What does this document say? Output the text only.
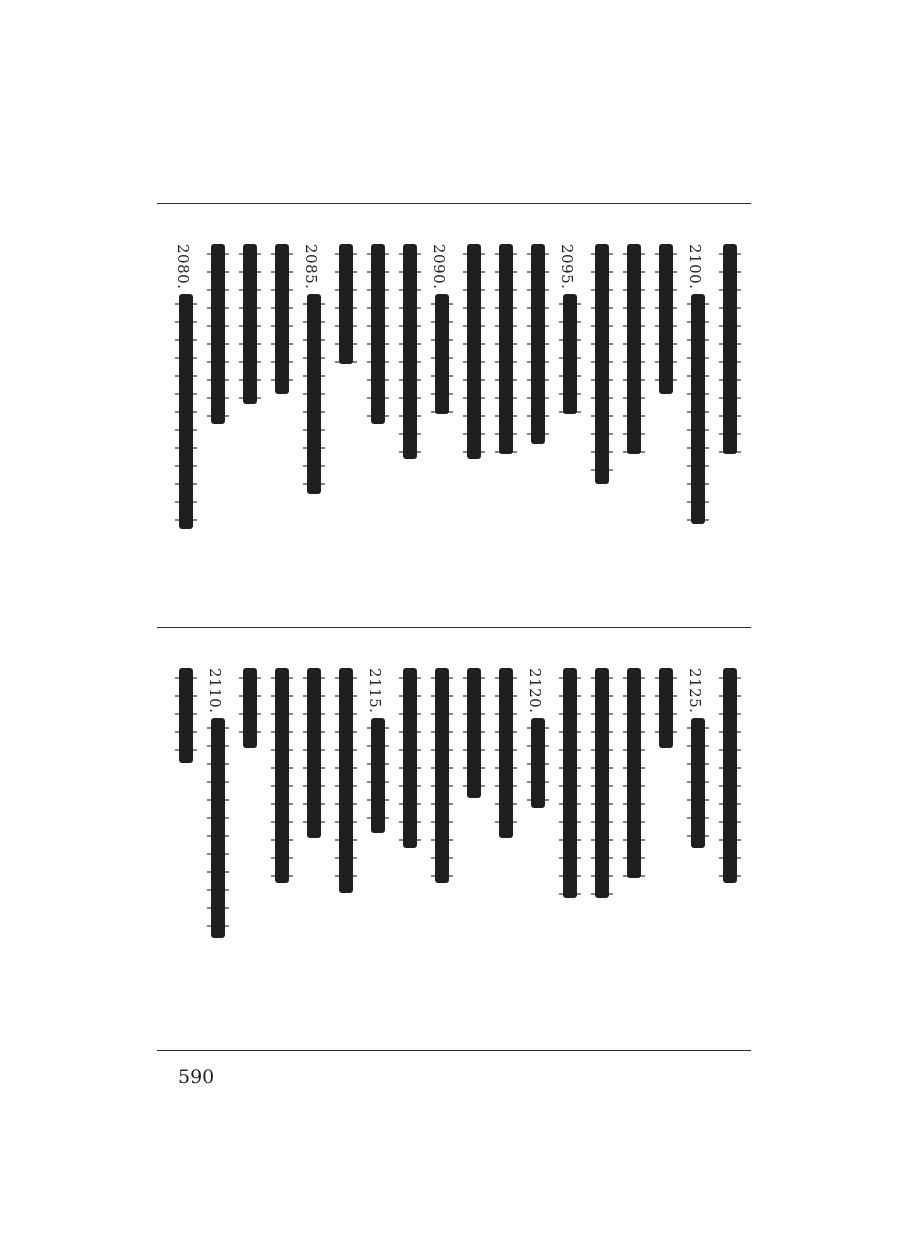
2100.
2095.
2090.
2085.
2080.
2125.
2120.
2115.
2110.
590
